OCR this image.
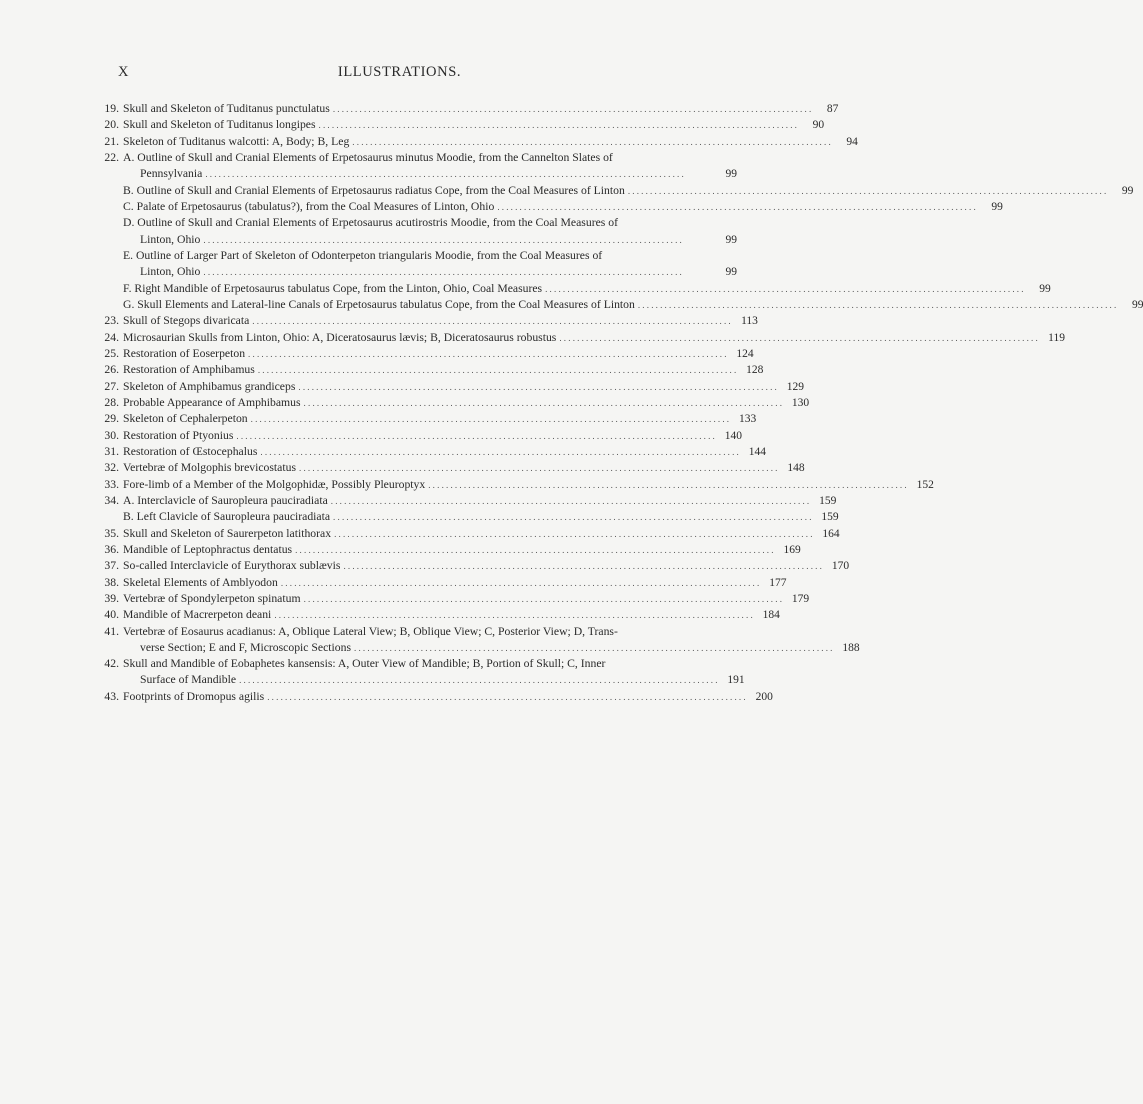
X	ILLUSTRATIONS.
19. Skull and Skeleton of Tuditanus punctulatus ............................................................................................................	87
20. Skull and Skeleton of Tuditanus longipes ............................................................................................................	90
21. Skeleton of Tuditanus walcotti: A, Body; B, Leg ............................................................................................................	94
22. A. Outline of Skull and Cranial Elements of Erpetosaurus minutus Moodie, from the Cannelton Slates of
Pennsylvania ............................................................................................................	99
B. Outline of Skull and Cranial Elements of Erpetosaurus radiatus Cope, from the Coal Measures of Linton ............................................................................................................	99
C. Palate of Erpetosaurus (tabulatus?), from the Coal Measures of Linton, Ohio ............................................................................................................	99
D. Outline of Skull and Cranial Elements of Erpetosaurus acutirostris Moodie, from the Coal Measures of
Linton, Ohio ............................................................................................................	99
E. Outline of Larger Part of Skeleton of Odonterpeton triangularis Moodie, from the Coal Measures of
Linton, Ohio ............................................................................................................	99
F. Right Mandible of Erpetosaurus tabulatus Cope, from the Linton, Ohio, Coal Measures ............................................................................................................	99
G. Skull Elements and Lateral-line Canals of Erpetosaurus tabulatus Cope, from the Coal Measures of Linton ............................................................................................................	99
23. Skull of Stegops divaricata ............................................................................................................ 113
24. Microsaurian Skulls from Linton, Ohio: A, Diceratosaurus lævis; B, Diceratosaurus robustus ............................................................................................................ 119
25. Restoration of Eoserpeton ............................................................................................................ 124
26. Restoration of Amphibamus ............................................................................................................ 128
27. Skeleton of Amphibamus grandiceps ............................................................................................................ 129
28. Probable Appearance of Amphibamus ............................................................................................................ 130
29. Skeleton of Cephalerpeton ............................................................................................................ 133
30. Restoration of Ptyonius ............................................................................................................ 140
31. Restoration of Œstocephalus ............................................................................................................ 144
32. Vertebræ of Molgophis brevicostatus ............................................................................................................ 148
33. Fore-limb of a Member of the Molgophidæ, Possibly Pleuroptyx ............................................................................................................ 152
34. A. Interclavicle of Sauropleura pauciradiata ............................................................................................................ 159
B. Left Clavicle of Sauropleura pauciradiata ............................................................................................................ 159
35. Skull and Skeleton of Saurerpeton latithorax ............................................................................................................ 164
36. Mandible of Leptophractus dentatus ............................................................................................................ 169
37. So-called Interclavicle of Eurythorax sublævis ............................................................................................................ 170
38. Skeletal Elements of Amblyodon ............................................................................................................ 177
39. Vertebræ of Spondylerpeton spinatum ............................................................................................................ 179
40. Mandible of Macrerpeton deani ............................................................................................................ 184
41. Vertebræ of Eosaurus acadianus: A, Oblique Lateral View; B, Oblique View; C, Posterior View; D, Trans-
verse Section; E and F, Microscopic Sections ............................................................................................................ 188
42. Skull and Mandible of Eobaphetes kansensis: A, Outer View of Mandible; B, Portion of Skull; C, Inner
Surface of Mandible ............................................................................................................ 191
43. Footprints of Dromopus agilis ............................................................................................................ 200
